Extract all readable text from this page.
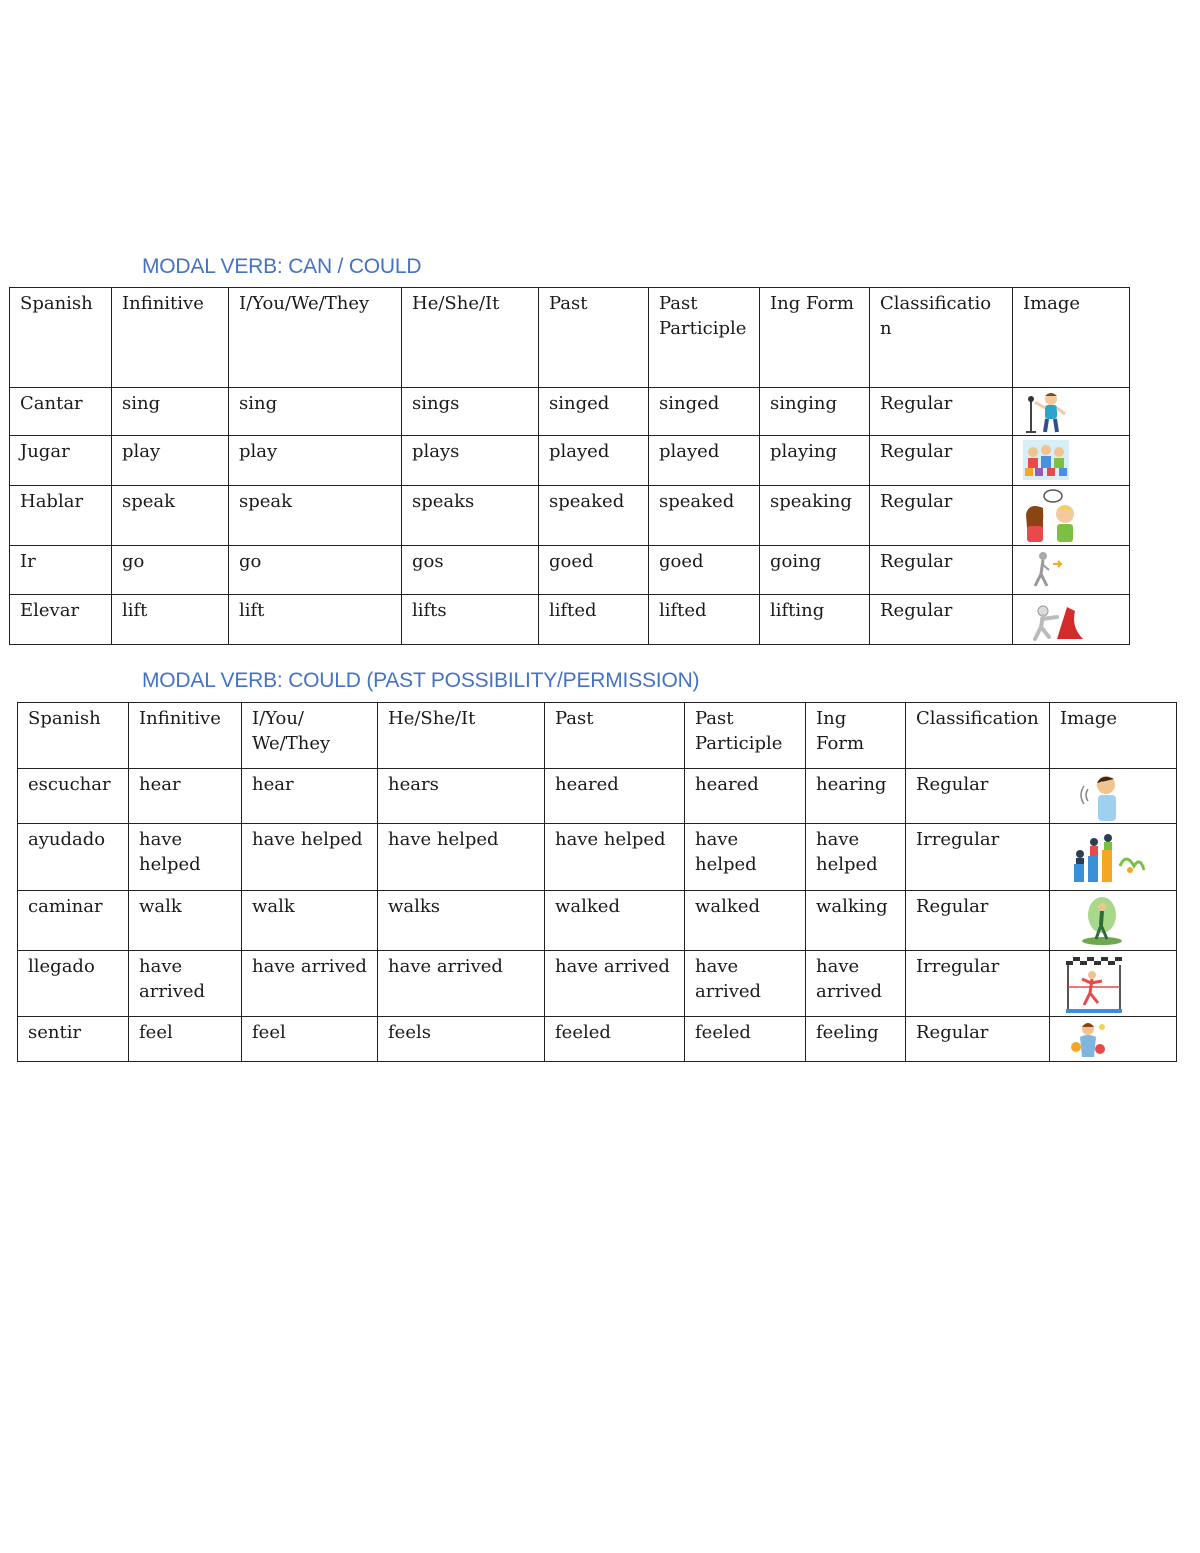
MODAL VERB: CAN / COULD
Spanish	Infinitive	I/You/We/They	He/She/It	Past	Past Participle	Ing Form	Classificatio n	Image
Cantar	sing	sing	sings	singed	singed	singing	Regular	

Jugar	play	play	plays	played	played	playing	Regular	

Hablar	speak	speak	speaks	speaked	speaked	speaking	Regular	

Ir	go	go	gos	goed	goed	going	Regular	

Elevar	lift	lift	lifts	lifted	lifted	lifting	Regular	
MODAL VERB: COULD (PAST POSSIBILITY/PERMISSION)
Spanish	Infinitive	I/You/ We/They	He/She/It	Past	Past Participle	Ing Form	Classification	Image
escuchar	hear	hear	hears	heared	heared	hearing	Regular	

ayudado	have helped	have helped	have helped	have helped	have helped	have helped	Irregular	

caminar	walk	walk	walks	walked	walked	walking	Regular	

llegado	have arrived	have arrived	have arrived	have arrived	have arrived	have arrived	Irregular	

sentir	feel	feel	feels	feeled	feeled	feeling	Regular	
